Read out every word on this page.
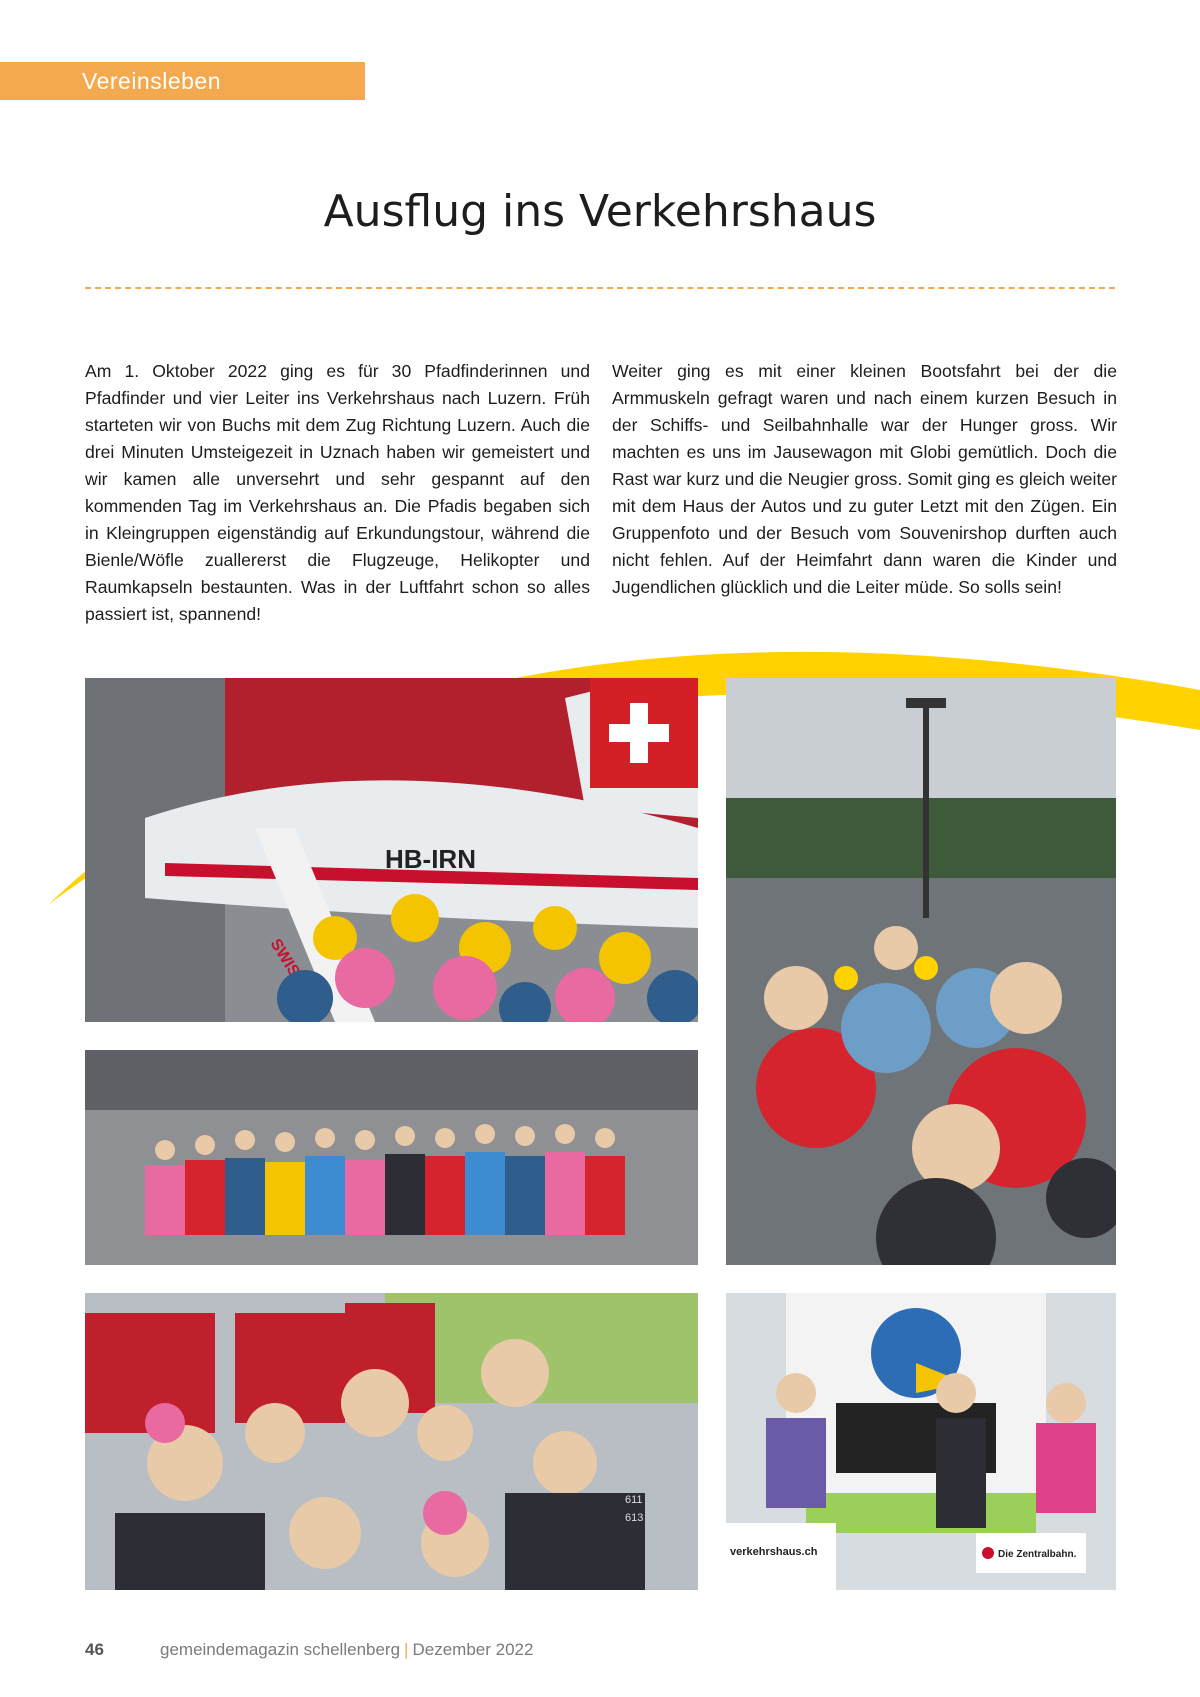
Vereinsleben
Ausflug ins Verkehrshaus

Am 1. Oktober 2022 ging es für 30 Pfadfinderinnen und Pfadfinder und vier Leiter ins Verkehrshaus nach Luzern. Früh starteten wir von Buchs mit dem Zug Richtung Luzern. Auch die drei Minuten Umsteigezeit in Uznach haben wir gemeistert und wir kamen alle unversehrt und sehr gespannt auf den kommenden Tag im Verkehrshaus an. Die Pfadis begaben sich in Kleingruppen eigenständig auf Erkundungstour, während die Bienle/Wöfle zuallererst die Flugzeuge, Helikopter und Raumkapseln bestaunten. Was in der Luftfahrt schon so alles passiert ist, spannend!

Weiter ging es mit einer kleinen Bootsfahrt bei der die Armmuskeln gefragt waren und nach einem kurzen Besuch in der Schiffs- und Seilbahnhalle war der Hunger gross. Wir machten es uns im Jausewagon mit Globi gemütlich. Doch die Rast war kurz und die Neugier gross. Somit ging es gleich weiter mit dem Haus der Autos und zu guter Letzt mit den Zügen. Ein Gruppenfoto und der Besuch vom Souvenirshop durften auch nicht fehlen. Auf der Heimfahrt dann waren die Kinder und Jugendlichen glücklich und die Leiter müde. So solls sein!

HB-IRN
611
613
verkehrshaus.ch	Die Zentralbahn.
46	gemeindemagazin schellenberg | Dezember 2022
